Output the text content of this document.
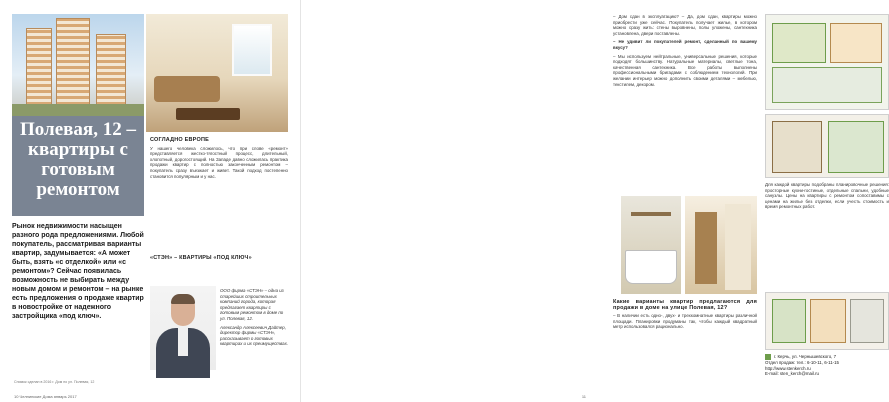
Полевая, 12 – квартиры с готовым ремонтом
Рынок недвижимости насыщен разного рода предложениями. Любой покупатель, рассматривая варианты квартир, задумывается: «А может быть, взять «с отделкой» или «с ремонтом»? Сейчас появилась возможность не выбирать между новым домом и ремонтом – на рынке есть предложения о продаже квартир в новостройке от надежного застройщика «под ключ».
СОГЛАДНО ЕВРОПЕ
У нашего человека сложилось, что при слове «ремонт» представляется жестко-тягостный процесс, длительный, хлопотный, дорогостоящий. На Западе давно сложилась практика продажи квартир с полностью законченным ремонтом – покупатель сразу въезжает и живет. Такой подход постепенно становится популярным и у нас.
«СТЭН» – КВАРТИРЫ «ПОД КЛЮЧ»
ООО фирма «СТЭН» – одна из старейших строительных компаний города, которая предлагает квартиры с готовым ремонтом в доме по ул. Полевая, 12.
Александр Алексеевич Дайтер, директор фирмы «СТЭН», рассказывает о готовых квартирах и их преимуществах.
Снимок сделан в 2016 г. Дом по ул. Полевая, 12
10 Челнинские Дома январь 2017
– Дом сдан в эксплуатацию? – Да, дом сдан, квартиры можно приобрести уже сейчас. Покупатель получает жилье, в котором можно сразу жить: стены выровнены, полы уложены, сантехника установлена, двери поставлены.
– Не удивит ли покупателей ремонт, сделанный по вашему вкусу?
– Мы используем нейтральные, универсальные решения, которые подходят большинству. Натуральные материалы, светлые тона, качественная сантехника. Все работы выполнены профессиональными бригадами с соблюдением технологий. При желании интерьер можно дополнить своими деталями – мебелью, текстилем, декором.
Какие варианты квартир предлагаются для продажи в доме на улице Полевая, 12?
– В наличии есть одно-, двух- и трехкомнатные квартиры различной площади. Планировки продуманы так, чтобы каждый квадратный метр использовался рационально.
Для каждой квартиры подобраны планировочные решения: просторные кухни-гостиные, отдельные спальни, удобные санузлы. Цены на квартиры с ремонтом сопоставимы с ценами на жилье без отделки, если учесть стоимость и время ремонтных работ.
г. Керчь, ул. Чернышевского, 7
Отдел продаж: тел.: 6-10-11, 6-11-15
http://www.stenkerch.ru
E-mail: sten_kerch@mail.ru
11
